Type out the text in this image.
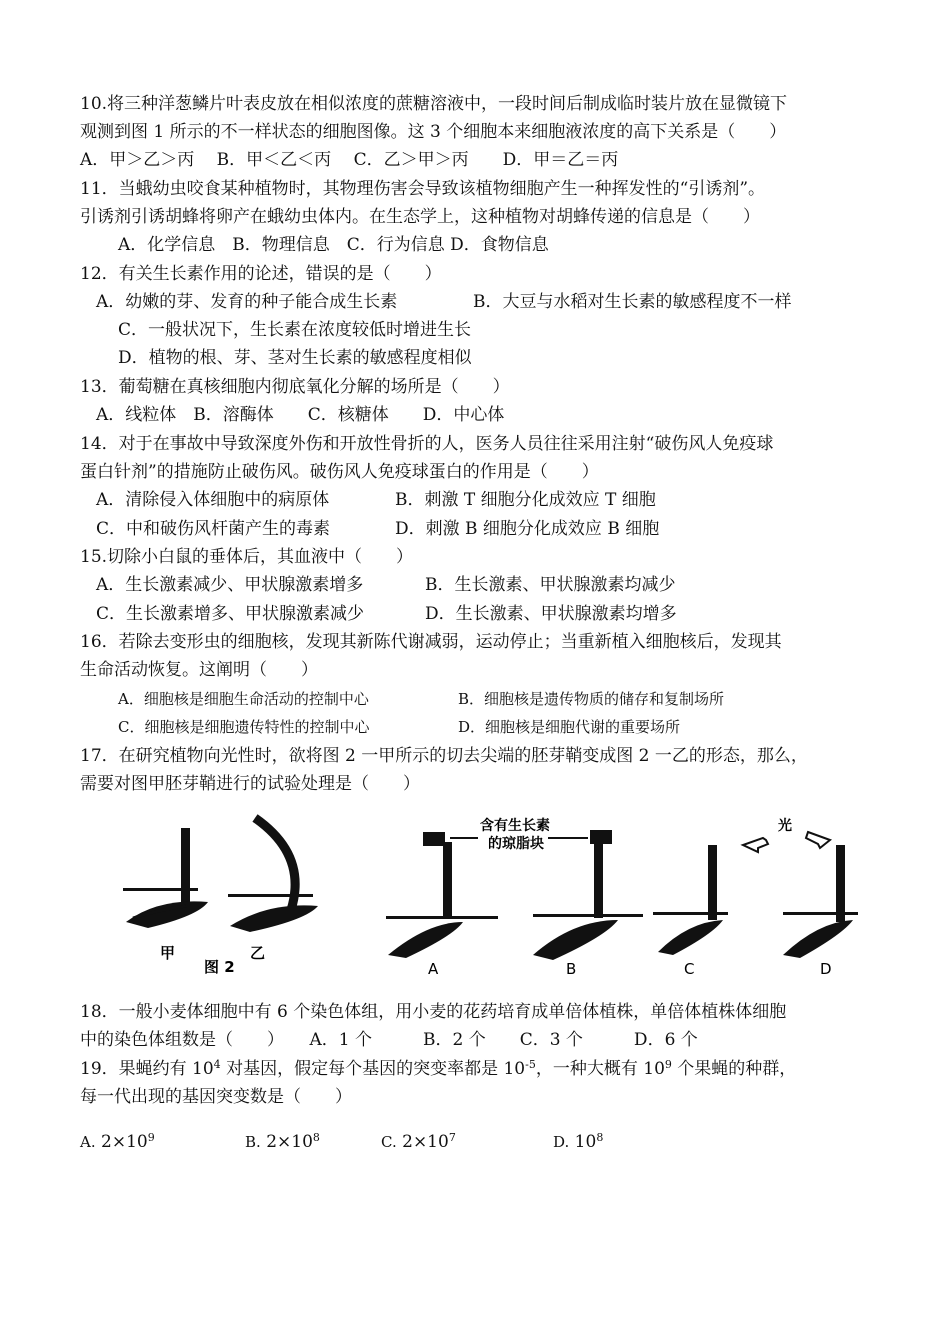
10.将三种洋葱鳞片叶表皮放在相似浓度的蔗糖溶液中，一段时间后制成临时装片放在显微镜下
观测到图 1 所示的不一样状态的细胞图像。这 3 个细胞本来细胞液浓度的高下关系是（　　）
A．甲＞乙＞丙　 B．甲＜乙＜丙　 C．乙＞甲＞丙　　D．甲＝乙＝丙
11．当蛾幼虫咬食某种植物时，其物理伤害会导致该植物细胞产生一种挥发性的“引诱剂”。
引诱剂引诱胡蜂将卵产在蛾幼虫体内。在生态学上，这种植物对胡蜂传递的信息是（　　）
A．化学信息　B．物理信息　C．行为信息 D．食物信息
12．有关生长素作用的论述，错误的是（　　）
A．幼嫩的芽、发育的种子能合成生长素	B．大豆与水稻对生长素的敏感程度不一样
C．一般状况下，生长素在浓度较低时增进生长
D．植物的根、芽、茎对生长素的敏感程度相似
13．葡萄糖在真核细胞内彻底氧化分解的场所是（　　）
A．线粒体　B．溶酶体　　C．核糖体　　D．中心体
14．对于在事故中导致深度外伤和开放性骨折的人，医务人员往往采用注射“破伤风人免疫球
蛋白针剂”的措施防止破伤风。破伤风人免疫球蛋白的作用是（　　）
A．清除侵入体细胞中的病原体	B．刺激 T 细胞分化成效应 T 细胞
C．中和破伤风杆菌产生的毒素	D．刺激 B 细胞分化成效应 B 细胞
15.切除小白鼠的垂体后，其血液中（　　）
A．生长激素减少、甲状腺激素增多	B．生长激素、甲状腺激素均减少
C．生长激素增多、甲状腺激素减少	D．生长激素、甲状腺激素均增多
16．若除去变形虫的细胞核，发现其新陈代谢减弱，运动停止；当重新植入细胞核后，发现其
生命活动恢复。这阐明（　　）
A．细胞核是细胞生命活动的控制中心	B．细胞核是遗传物质的储存和复制场所
C．细胞核是细胞遗传特性的控制中心	D．细胞核是细胞代谢的重要场所
17．在研究植物向光性时，欲将图 2 一甲所示的切去尖端的胚芽鞘变成图 2 一乙的形态，那么，
需要对图甲胚芽鞘进行的试验处理是（　　）
甲	乙
图 2
含有生长素
的琼脂块
光
A	B	C	D
18．一般小麦体细胞中有 6 个染色体组，用小麦的花药培育成单倍体植株，单倍体植株体细胞
中的染色体组数是（　　）　　A．1 个　　　B．2 个　　C．3 个　　　D．6 个
19．果蝇约有 $10^4$ 对基因，假定每个基因的突变率都是 $10^{-5}$，一种大概有 $10^9$ 个果蝇的种群，
每一代出现的基因突变数是（　　）
A. $2\times 10^9$	B. $2\times 10^8$	C. $2\times 10^7$	D. $10^8$
